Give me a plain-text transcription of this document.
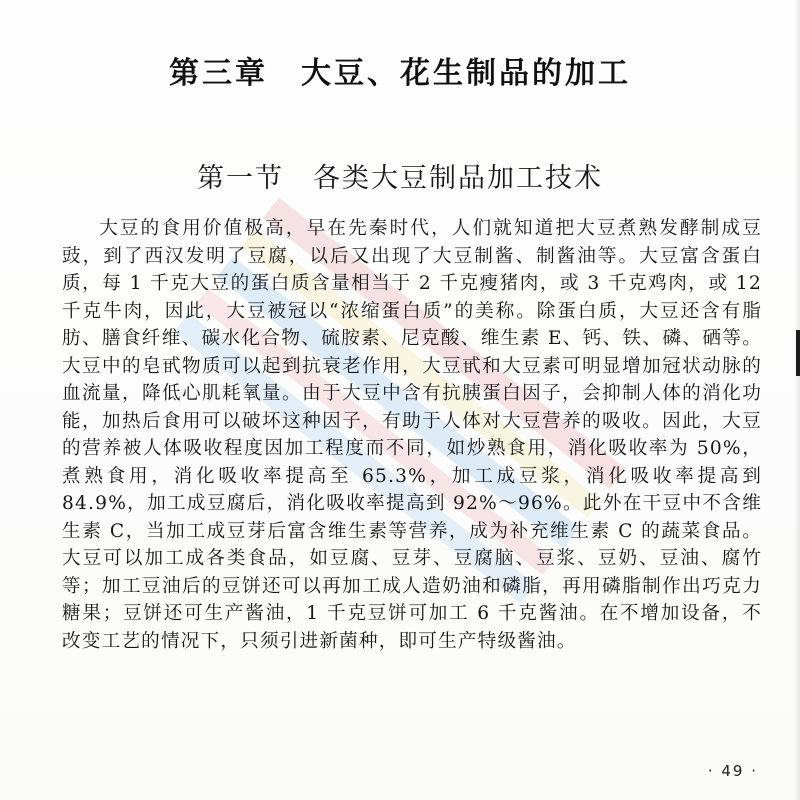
第三章　大豆、花生制品的加工
第一节　各类大豆制品加工技术

大豆的食用价值极高，早在先秦时代，人们就知道把大豆煮熟发酵制成豆豉，到了西汉发明了豆腐，以后又出现了大豆制酱、制酱油等。大豆富含蛋白质，每 1 千克大豆的蛋白质含量相当于 2 千克瘦猪肉，或 3 千克鸡肉，或 12 千克牛肉，因此，大豆被冠以“浓缩蛋白质”的美称。除蛋白质，大豆还含有脂肪、膳食纤维、碳水化合物、硫胺素、尼克酸、维生素 E、钙、铁、磷、硒等。大豆中的皂甙物质可以起到抗衰老作用，大豆甙和大豆素可明显增加冠状动脉的血流量，降低心肌耗氧量。由于大豆中含有抗胰蛋白因子，会抑制人体的消化功能，加热后食用可以破坏这种因子，有助于人体对大豆营养的吸收。因此，大豆的营养被人体吸收程度因加工程度而不同，如炒熟食用，消化吸收率为 50%，煮熟食用，消化吸收率提高至 65.3%，加工成豆浆，消化吸收率提高到 84.9%，加工成豆腐后，消化吸收率提高到 92%～96%。此外在干豆中不含维生素 C，当加工成豆芽后富含维生素等营养，成为补充维生素 C 的蔬菜食品。大豆可以加工成各类食品，如豆腐、豆芽、豆腐脑、豆浆、豆奶、豆油、腐竹等；加工豆油后的豆饼还可以再加工成人造奶油和磷脂，再用磷脂制作出巧克力糖果；豆饼还可生产酱油，1 千克豆饼可加工 6 千克酱油。在不增加设备，不改变工艺的情况下，只须引进新菌种，即可生产特级酱油。

· 49 ·
